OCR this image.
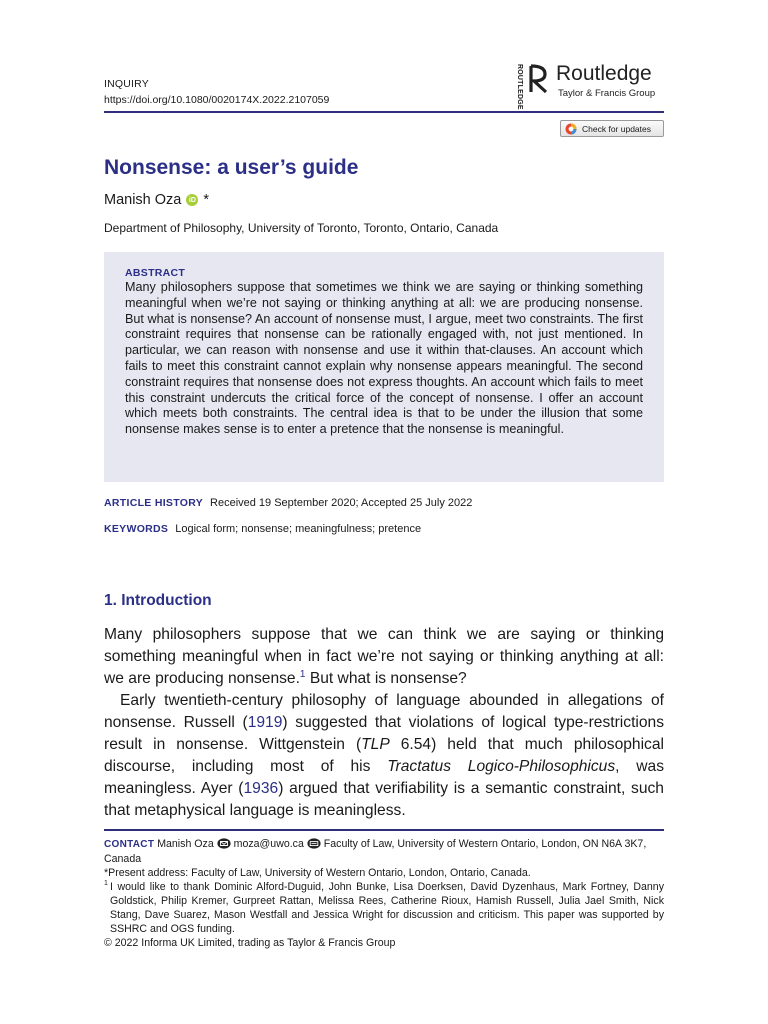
INQUIRY
https://doi.org/10.1080/0020174X.2022.2107059	ROUTLEDGE Routledge
Taylor & Francis Group
Check for updates
Nonsense: a user’s guide
Manish Oza	iD *
Department of Philosophy, University of Toronto, Toronto, Ontario, Canada
ABSTRACT
Many philosophers suppose that sometimes we think we are saying or thinking something meaningful when we’re not saying or thinking anything at all: we are producing nonsense. But what is nonsense? An account of nonsense must, I argue, meet two constraints. The first constraint requires that nonsense can be rationally engaged with, not just mentioned. In particular, we can reason with nonsense and use it within that-clauses. An account which fails to meet this constraint cannot explain why nonsense appears meaningful. The second constraint requires that nonsense does not express thoughts. An account which fails to meet this constraint undercuts the critical force of the concept of nonsense. I offer an account which meets both constraints. The central idea is that to be under the illusion that some nonsense makes sense is to enter a pretence that the nonsense is meaningful.
ARTICLE HISTORY Received 19 September 2020; Accepted 25 July 2022
KEYWORDS Logical form; nonsense; meaningfulness; pretence
1. Introduction

Many philosophers suppose that we can think we are saying or thinking something meaningful when in fact we’re not saying or thinking anything at all: we are producing nonsense.$^1$ But what is nonsense?

Early twentieth-century philosophy of language abounded in allegations of nonsense. Russell (1919) suggested that violations of logical type-restrictions result in nonsense. Wittgenstein (TLP 6.54) held that much philosophical discourse, including most of his Tractatus Logico-Philosophicus, was meaningless. Ayer (1936) argued that verifiability is a semantic constraint, such that metaphysical language is meaningless.

CONTACT Manish Oza moza@uwo.ca Faculty of Law, University of Western Ontario, London, ON N6A 3K7, Canada

*Present address: Faculty of Law, University of Western Ontario, London, Ontario, Canada.

1 I would like to thank Dominic Alford-Duguid, John Bunke, Lisa Doerksen, David Dyzenhaus, Mark Fortney, Danny Goldstick, Philip Kremer, Gurpreet Rattan, Melissa Rees, Catherine Rioux, Hamish Russell, Julia Jael Smith, Nick Stang, Dave Suarez, Mason Westfall and Jessica Wright for discussion and criticism. This paper was supported by SSHRC and OGS funding.

© 2022 Informa UK Limited, trading as Taylor & Francis Group
